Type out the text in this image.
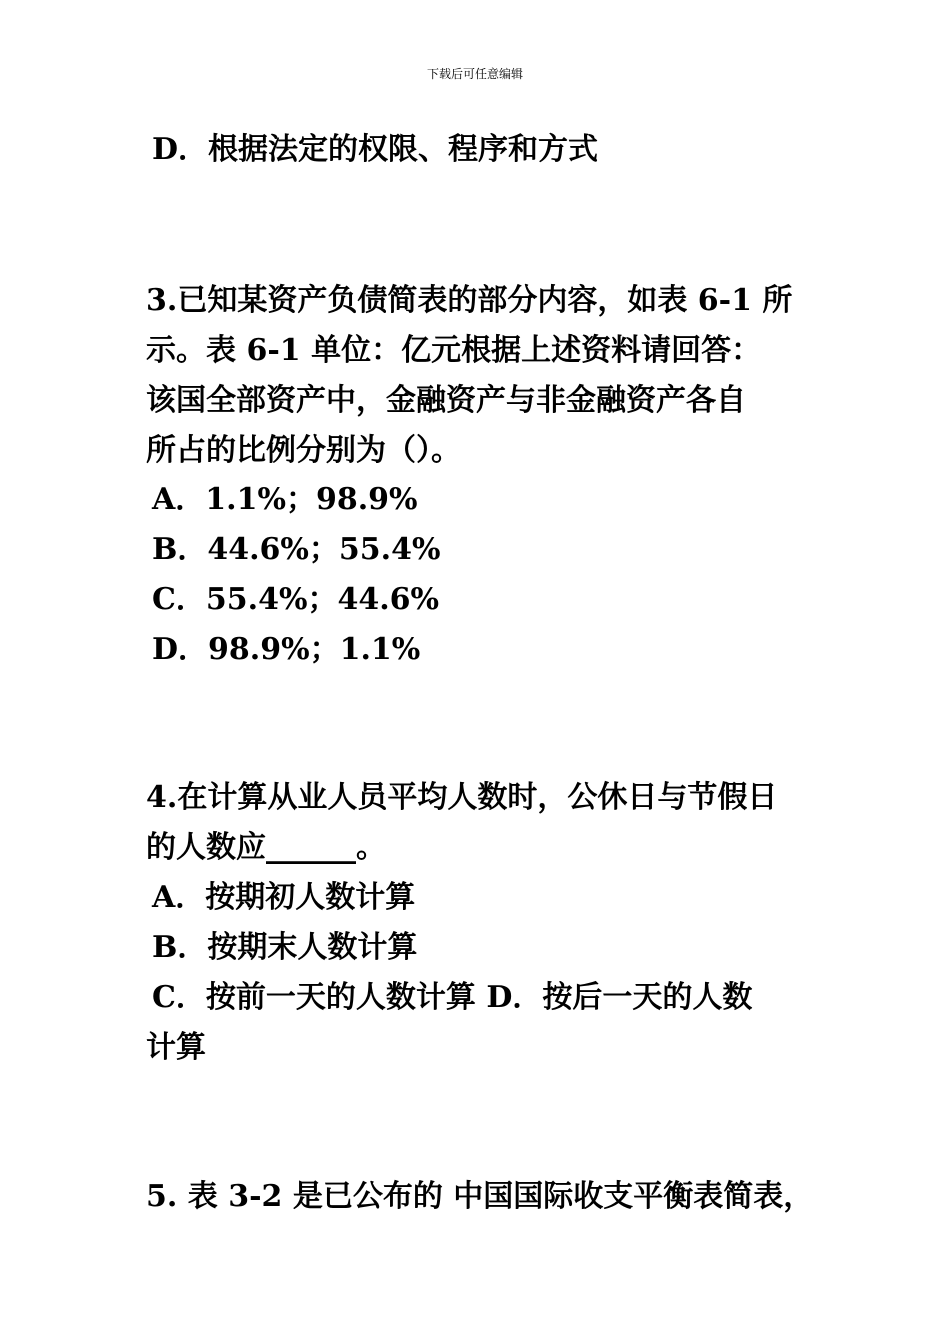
下载后可任意编辑
D．根据法定的权限、程序和方式
3.已知某资产负债简表的部分内容，如表 6-1 所
示。表 6-1 单位：亿元根据上述资料请回答：
该国全部资产中，金融资产与非金融资产各自
所占的比例分别为（）。
A．1.1%；98.9%
B．44.6%；55.4%
C．55.4%；44.6%
D．98.9%；1.1%
4.在计算从业人员平均人数时，公休日与节假日
的人数应______。
A．按期初人数计算
B．按期末人数计算
C．按前一天的人数计算 D．按后一天的人数
计算
5. 表 3-2 是已公布的 中国国际收支平衡表简表，
